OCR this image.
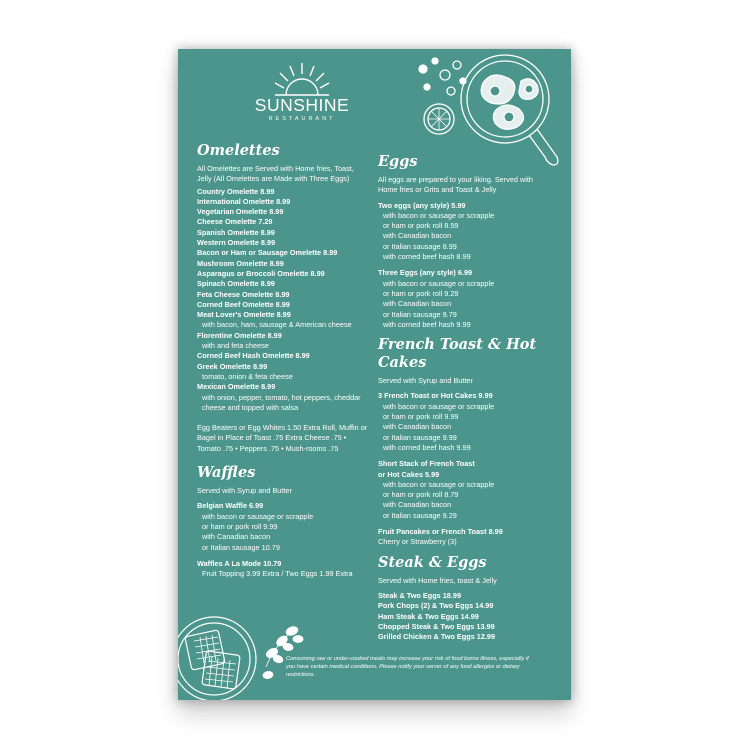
SUNSHINE
RESTAURANT
Omelettes
All Omelettes are Served with Home fries, Toast, Jelly (All Omelettes are Made with Three Eggs)
Country Omelette 8.99
International Omelette 8.99
Vegetarian Omelette 8.99
Cheese Omelette 7.29
Spanish Omelette 8.99
Western Omelette 8.99
Bacon or Ham or Sausage Omelette 8.99
Mushroom Omelette 8.99
Asparagus or Broccoli Omelette 8.99
Spinach Omelette 8.99
Feta Cheese Omelette 8.99
Corned Beef Omelette 8.99
Meat Lover's Omelette 8.99
with bacon, ham, sausage & American cheese
Florentine Omelette 8.99
with and feta cheese
Corned Beef Hash Omelette 8.99
Greek Omelette 8.99
tomato, onion & feta cheese
Mexican Omelette 8.99
with onion, pepper, tomato, hot peppers, cheddar cheese and topped with salsa
Egg Beaters or Egg Whites 1.50 Extra Roll, Muffin or Bagel in Place of Toast .75 Extra Cheese .75 • Tomato .75 • Peppers .75 • Mush-rooms .75
Waffles
Served with Syrup and Butter
Belgian Waffle 6.99
with bacon or sausage or scrapple
or ham or pork roll 9.99
with Canadian bacon
or Italian sausage 10.79
Waffles A La Mode 10.79
Fruit Topping 3.99 Extra / Two Eggs 1.99 Extra
Eggs
All eggs are prepared to your liking. Served with Home fries or Grits and Toast & Jelly
Two eggs (any style) 5.99
with bacon or sausage or scrapple
or ham or pork roll 8.59
with Canadian bacon
or Italian sausage 8.99
with corned beef hash 8.99
Three Eggs (any style) 6.99
with bacon or sausage or scrapple
or ham or pork roll 9.29
with Canadian bacon
or Italian sausage 9.79
with corned beef hash 9.99
French Toast & Hot Cakes
Served with Syrup and Butter
3 French Toast or Hot Cakes 9.99
with bacon or sausage or scrapple
or ham or pork roll 9.99
with Canadian bacon
or Italian sausage 9.99
with corned beef hash 9.99
Short Stack of French Toast
or Hot Cakes 5.99
with bacon or sausage or scrapple
or ham or pork roll 8.79
with Canadian bacon
or Italian sausage 9.29
Fruit Pancakes or French Toast 8.99
Cherry or Strawberry (3)
Steak & Eggs
Served with Home fries, toast & Jelly
Steak & Two Eggs 18.99
Pork Chops (2) & Two Eggs 14.99
Ham Steak & Two Eggs 14.99
Chopped Steak & Two Eggs 13.99
Grilled Chicken & Two Eggs 12.99
Consuming raw or under-cooked meals may increase your risk of food borne illness, especially if you have certain medical conditions. Please notify your server of any food allergies or dietary restrictions.
